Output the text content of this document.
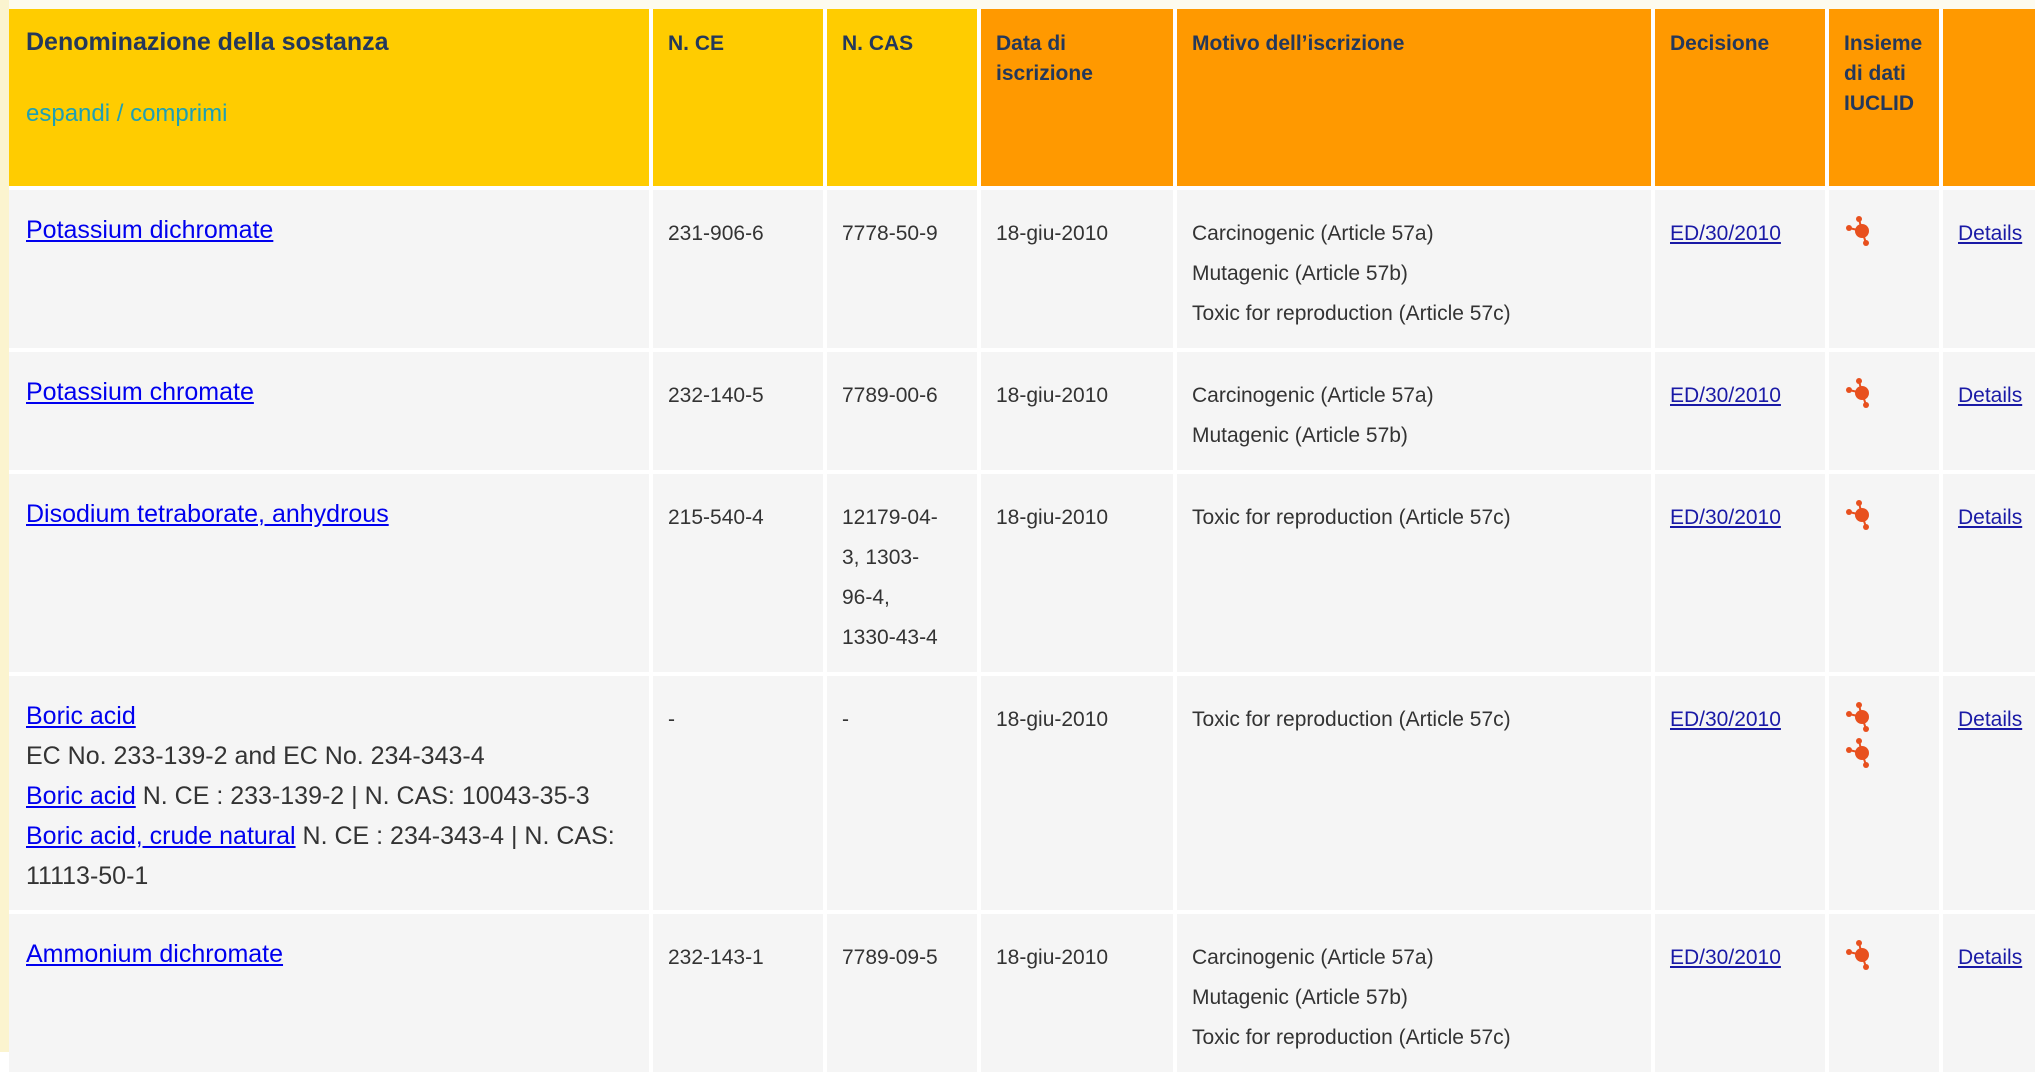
Denominazione della sostanza
espandi / comprimi	N. CE	N. CAS	Data di iscrizione	Motivo dell’iscrizione	Decisione	Insieme di dati IUCLID	
Potassium dichromate	231-906-6	7778-50-9	18-giu-2010	Carcinogenic (Article 57a)
Mutagenic (Article 57b)
Toxic for reproduction (Article 57c)	ED/30/2010		Details
Potassium chromate	232-140-5	7789-00-6	18-giu-2010	Carcinogenic (Article 57a)
Mutagenic (Article 57b)	ED/30/2010		Details
Disodium tetraborate, anhydrous	215-540-4	12179-04-
3, 1303-
96-4,
1330-43-4	18-giu-2010	Toxic for reproduction (Article 57c)	ED/30/2010		Details
Boric acid
EC No. 233-139-2 and EC No. 234-343-4
Boric acid N. CE : 233-139-2 | N. CAS: 10043-35-3
Boric acid, crude natural N. CE : 234-343-4 | N. CAS: 11113-50-1	-	-	18-giu-2010	Toxic for reproduction (Article 57c)	ED/30/2010		Details
Ammonium dichromate	232-143-1	7789-09-5	18-giu-2010	Carcinogenic (Article 57a)
Mutagenic (Article 57b)
Toxic for reproduction (Article 57c)	ED/30/2010		Details
